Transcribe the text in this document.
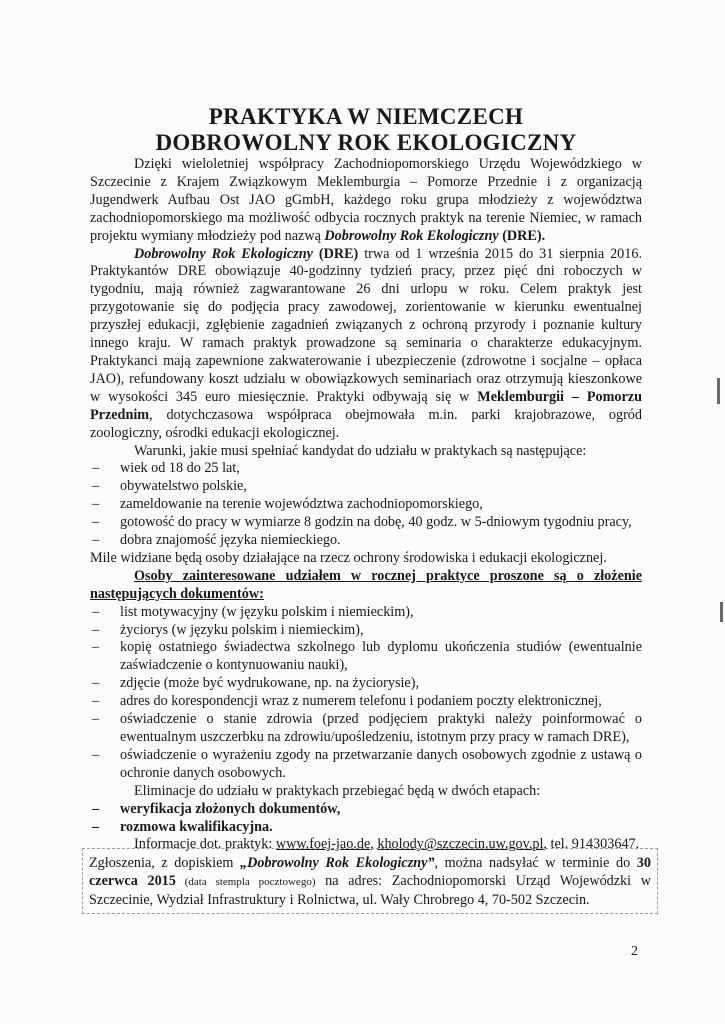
PRAKTYKA W NIEMCZECH
DOBROWOLNY ROK EKOLOGICZNY

Dzięki wieloletniej współpracy Zachodniopomorskiego Urzędu Wojewódzkiego w Szczecinie z Krajem Związkowym Meklemburgia – Pomorze Przednie i z organizacją Jugendwerk Aufbau Ost JAO gGmbH, każdego roku grupa młodzieży z województwa zachodniopomorskiego ma możliwość odbycia rocznych praktyk na terenie Niemiec, w ramach projektu wymiany młodzieży pod nazwą Dobrowolny Rok Ekologiczny (DRE).

Dobrowolny Rok Ekologiczny (DRE) trwa od 1 września 2015 do 31 sierpnia 2016. Praktykantów DRE obowiązuje 40-godzinny tydzień pracy, przez pięć dni roboczych w tygodniu, mają również zagwarantowane 26 dni urlopu w roku. Celem praktyk jest przygotowanie się do podjęcia pracy zawodowej, zorientowanie w kierunku ewentualnej przyszłej edukacji, zgłębienie zagadnień związanych z ochroną przyrody i poznanie kultury innego kraju. W ramach praktyk prowadzone są seminaria o charakterze edukacyjnym. Praktykanci mają zapewnione zakwaterowanie i ubezpieczenie (zdrowotne i socjalne – opłaca JAO), refundowany koszt udziału w obowiązkowych seminariach oraz otrzymują kieszonkowe w wysokości 345 euro miesięcznie. Praktyki odbywają się w Meklemburgii – Pomorzu Przednim, dotychczasowa współpraca obejmowała m.in. parki krajobrazowe, ogród zoologiczny, ośrodki edukacji ekologicznej.

Warunki, jakie musi spełniać kandydat do udziału w praktykach są następujące:

– wiek od 18 do 25 lat,
– obywatelstwo polskie,
– zameldowanie na terenie województwa zachodniopomorskiego,
– gotowość do pracy w wymiarze 8 godzin na dobę, 40 godz. w 5-dniowym tygodniu pracy,
– dobra znajomość języka niemieckiego.

Mile widziane będą osoby działające na rzecz ochrony środowiska i edukacji ekologicznej.

Osoby zainteresowane udziałem w rocznej praktyce proszone są o złożenie następujących dokumentów:

– list motywacyjny (w języku polskim i niemieckim),
– życiorys (w języku polskim i niemieckim),
– kopię ostatniego świadectwa szkolnego lub dyplomu ukończenia studiów (ewentualnie zaświadczenie o kontynuowaniu nauki),
– zdjęcie (może być wydrukowane, np. na życiorysie),
– adres do korespondencji wraz z numerem telefonu i podaniem poczty elektronicznej,
– oświadczenie o stanie zdrowia (przed podjęciem praktyki należy poinformować o ewentualnym uszczerbku na zdrowiu/upośledzeniu, istotnym przy pracy w ramach DRE),
– oświadczenie o wyrażeniu zgody na przetwarzanie danych osobowych zgodnie z ustawą o ochronie danych osobowych.

Eliminacje do udziału w praktykach przebiegać będą w dwóch etapach:

– weryfikacja złożonych dokumentów,
– rozmowa kwalifikacyjna.

Informacje dot. praktyk: www.foej-jao.de, kholody@szczecin.uw.gov.pl, tel. 914303647.

Zgłoszenia, z dopiskiem „Dobrowolny Rok Ekologiczny”, można nadsyłać w terminie do 30 czerwca 2015 (data stempla pocztowego) na adres: Zachodniopomorski Urząd Wojewódzki w Szczecinie, Wydział Infrastruktury i Rolnictwa, ul. Wały Chrobrego 4, 70-502 Szczecin.
2
